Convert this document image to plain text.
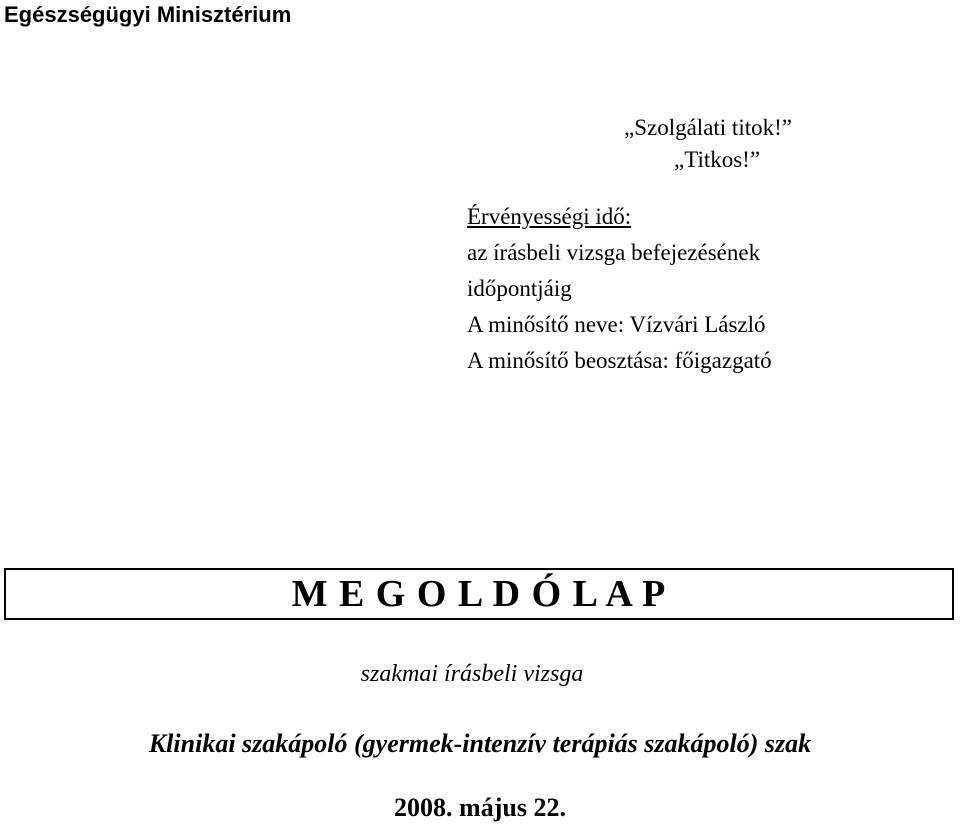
Egészségügyi Minisztérium
„Szolgálati titok!”
„Titkos!”
Érvényességi idő:
az írásbeli vizsga befejezésének
időpontjáig
A minősítő neve: Vízvári László
A minősítő beosztása: főigazgató
M E G O L D Ó L A P
szakmai írásbeli vizsga
Klinikai szakápoló (gyermek-intenzív terápiás szakápoló) szak
2008. május 22.
